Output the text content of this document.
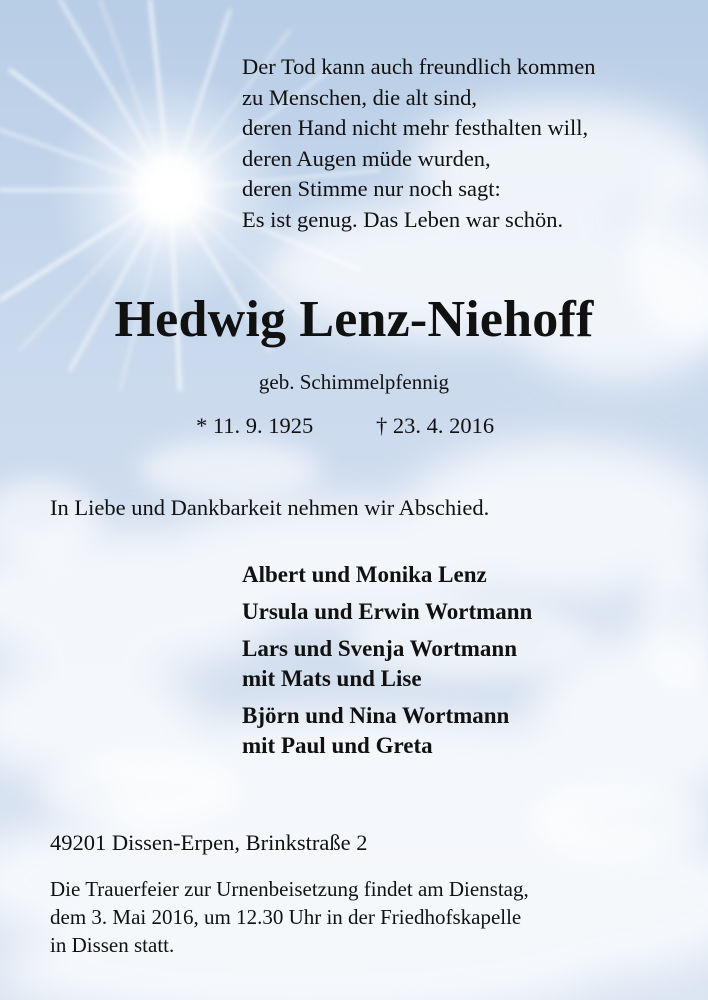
Der Tod kann auch freundlich kommen
zu Menschen, die alt sind,
deren Hand nicht mehr festhalten will,
deren Augen müde wurden,
deren Stimme nur noch sagt:
Es ist genug. Das Leben war schön.
Hedwig Lenz-Niehoff
geb. Schimmelpfennig
* 11. 9. 1925	† 23. 4. 2016
In Liebe und Dankbarkeit nehmen wir Abschied.
Albert und Monika Lenz
Ursula und Erwin Wortmann
Lars und Svenja Wortmann
mit Mats und Lise
Björn und Nina Wortmann
mit Paul und Greta
49201 Dissen-Erpen, Brinkstraße 2
Die Trauerfeier zur Urnenbeisetzung findet am Dienstag,
dem 3. Mai 2016, um 12.30 Uhr in der Friedhofskapelle
in Dissen statt.
